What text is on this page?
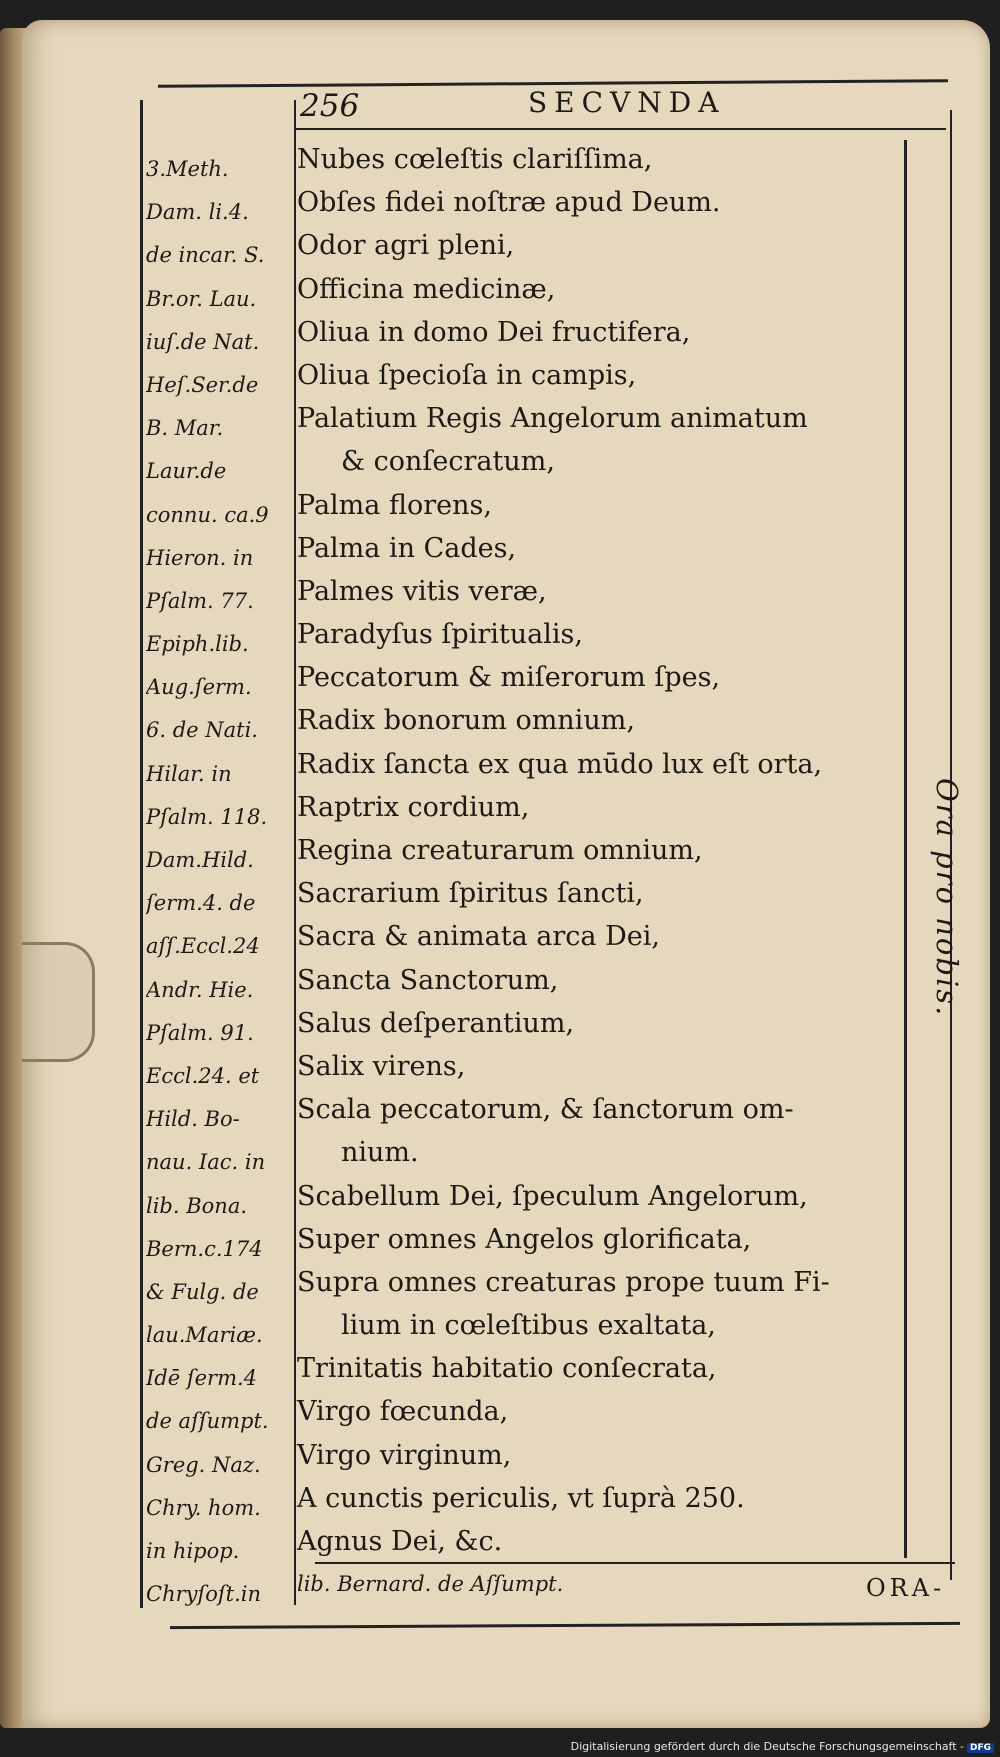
256	SECVNDA
3.Meth.
Dam. li.4.
de incar. S.
Br.or. Lau.
iuſ.de Nat.
Heſ.Ser.de
B. Mar.
Laur.de
connu. ca.9
Hieron. in
Pſalm. 77.
Epiph.lib.
Aug.ſerm.
6. de Nati.
Hilar. in
Pſalm. 118.
Dam.Hild.
ſerm.4. de
aſſ.Eccl.24
Andr. Hie.
Pſalm. 91.
Eccl.24. et
Hild. Bo-
nau. Iac. in
lib. Bona.
Bern.c.174
& Fulg. de
lau.Mariæ.
Idē ſerm.4
de aſſumpt.
Greg. Naz.
Chry. hom.
in hipop.
Chryſoſt.in
Nubes cœleſtis clariſſima,
Obſes fidei noſtræ apud Deum.
Odor agri pleni,
Officina medicinæ,
Oliua in domo Dei fructifera,
Oliua ſpecioſa in campis,
Palatium Regis Angelorum animatum
& conſecratum,
Palma florens,
Palma in Cades,
Palmes vitis veræ,
Paradyſus ſpiritualis,
Peccatorum & miſerorum ſpes,
Radix bonorum omnium,
Radix ſancta ex qua mūdo lux eſt orta,
Raptrix cordium,
Regina creaturarum omnium,
Sacrarium ſpiritus ſancti,
Sacra & animata arca Dei,
Sancta Sanctorum,
Salus deſperantium,
Salix virens,
Scala peccatorum, & ſanctorum om-
nium.
Scabellum Dei, ſpeculum Angelorum,
Super omnes Angelos glorificata,
Supra omnes creaturas prope tuum Fi-
lium in cœleſtibus exaltata,
Trinitatis habitatio conſecrata,
Virgo fœcunda,
Virgo virginum,
A cunctis periculis, vt ſuprà 250.
Agnus Dei, &c.
lib. Bernard. de Aſſumpt.
Ora pro nobis.
ORA-
Digitalisierung gefördert durch die Deutsche Forschungsgemeinschaft - DFG
